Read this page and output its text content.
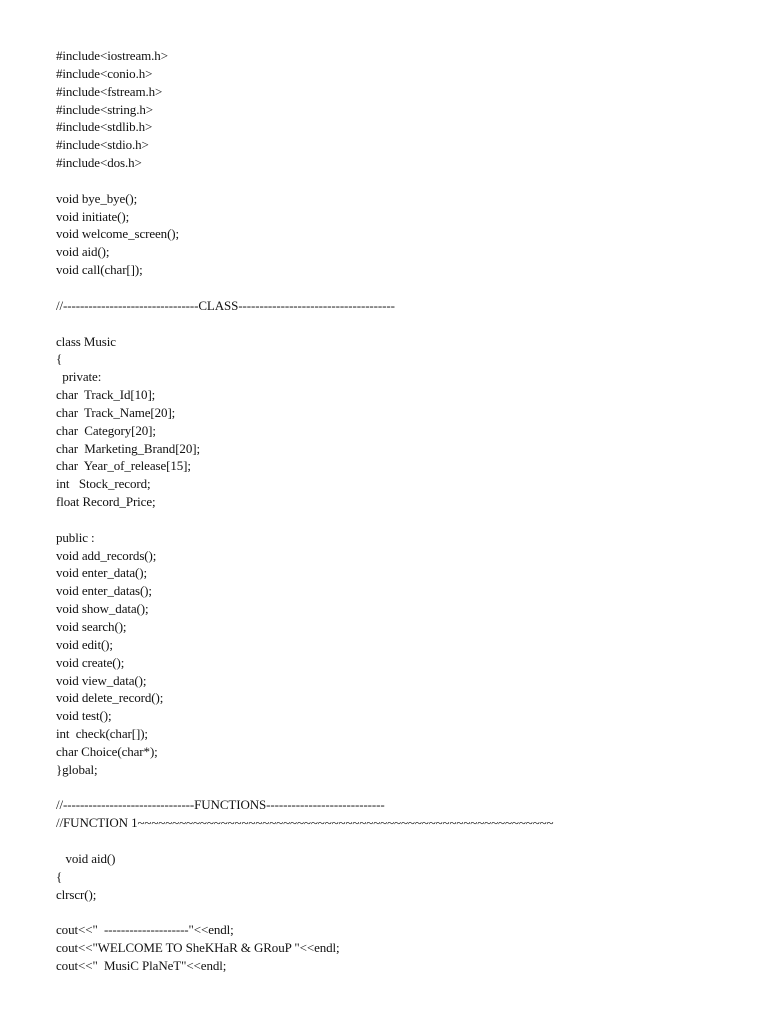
#include<iostream.h>
#include<conio.h>
#include<fstream.h>
#include<string.h>
#include<stdlib.h>
#include<stdio.h>
#include<dos.h>
void bye_bye();
void initiate();
void welcome_screen();
void aid();
void call(char[]);
//--------------------------------CLASS-------------------------------------
class Music
{
private:
char  Track_Id[10];
char  Track_Name[20];
char  Category[20];
char  Marketing_Brand[20];
char  Year_of_release[15];
int   Stock_record;
float Record_Price;
public :
void add_records();
void enter_data();
void enter_datas();
void show_data();
void search();
void edit();
void create();
void view_data();
void delete_record();
void test();
int  check(char[]);
char Choice(char*);
}global;
//-------------------------------FUNCTIONS----------------------------
//FUNCTION 1~~~~~~~~~~~~~~~~~~~~~~~~~~~~~~~~~~~~~~~~~~~~~~~~~~~~~~~~~~~~
void aid()
{
clrscr();
cout<<"  --------------------"<<endl;
cout<<"WELCOME TO SheKHaR & GRouP "<<endl;
cout<<"  MusiC PlaNeT"<<endl;
